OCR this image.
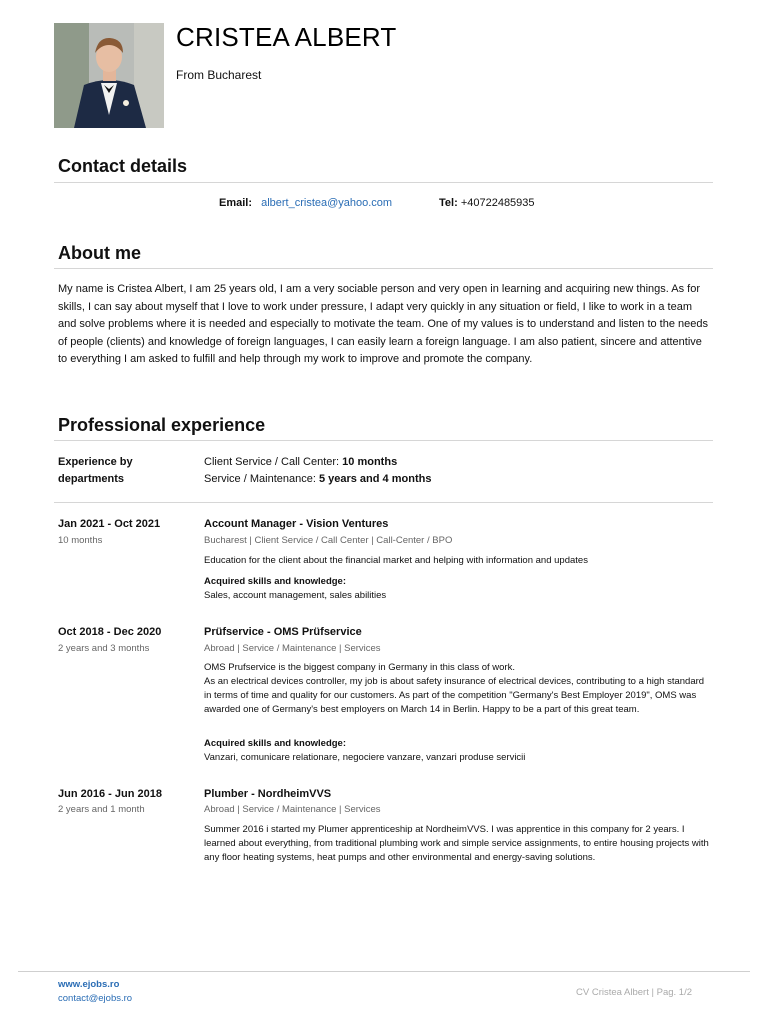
CRISTEA ALBERT
From Bucharest
Contact details
Email: albert_cristea@yahoo.com	Tel: +40722485935
About me
My name is Cristea Albert, I am 25 years old, I am a very sociable person and very open in learning and acquiring new things. As for skills, I can say about myself that I love to work under pressure, I adapt very quickly in any situation or field, I like to work in a team and solve problems where it is needed and especially to motivate the team. One of my values is to understand and listen to the needs of people (clients) and knowledge of foreign languages, I can easily learn a foreign language. I am also patient, sincere and attentive to everything I am asked to fulfill and help through my work to improve and promote the company.
Professional experience
Experience by
departments
Client Service / Call Center: 10 months
Service / Maintenance: 5 years and 4 months
Jan 2021 - Oct 2021
10 months
Account Manager - Vision Ventures
Bucharest | Client Service / Call Center | Call-Center / BPO
Education for the client about the financial market and helping with information and updates
Acquired skills and knowledge:
Sales, account management, sales abilities
Oct 2018 - Dec 2020
2 years and 3 months
Prüfservice - OMS Prüfservice
Abroad | Service / Maintenance | Services
OMS Prufservice is the biggest company in Germany in this class of work.
As an electrical devices controller, my job is about safety insurance of electrical devices, contributing to a high standard in terms of time and quality for our customers. As part of the competition "Germany's Best Employer 2019", OMS was awarded one of Germany's best employers on March 14 in Berlin. Happy to be a part of this great team.
Acquired skills and knowledge:
Vanzari, comunicare relationare, negociere vanzare, vanzari produse servicii
Jun 2016 - Jun 2018
2 years and 1 month
Plumber - NordheimVVS
Abroad | Service / Maintenance | Services
Summer 2016 i started my Plumer apprenticeship at NordheimVVS. I was apprentice in this company for 2 years. I learned about everything, from traditional plumbing work and simple service assignments, to entire housing projects with any floor heating systems, heat pumps and other environmental and energy-saving solutions.
www.ejobs.ro
contact@ejobs.ro
CV Cristea Albert | Pag. 1/2
